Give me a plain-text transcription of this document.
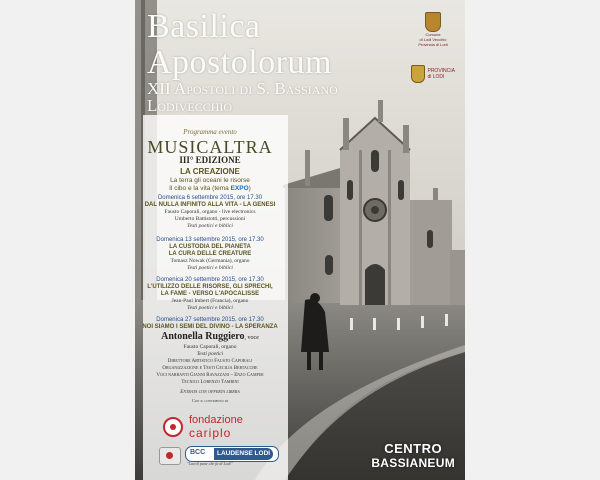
Basilica
Apostolorum
XII Apostoli di S. Bassiano
Lodivecchio
Comune
di Lodi Vecchio
Provincia di Lodi
PROVINCIA
di LODI
Programma evento
MUSICALTRA
III° EDIZIONE
LA CREAZIONE
La terra gli oceani le risorse
Il cibo e la vita (tema EXPO)
Domenica 6 settembre 2015, ore 17.30
DAL NULLA INFINITO ALLA VITA - LA GENESI
Fausto Caporali, organo - live electronics
Umberto Battistotti, percussioni
Testi poetici e biblici
Domenica 13 settembre 2015, ore 17.30
LA CUSTODIA DEL PIANETA
LA CURA DELLE CREATURE
Tomasz Nowak (Germania), organo
Testi poetici e biblici
Domenica 20 settembre 2015, ore 17.30
L'UTILIZZO DELLE RISORSE, GLI SPRECHI,
LA FAME - VERSO L'APOCALISSE
Jean-Paul Imbert (Francia), organo
Testi poetici e biblici
Domenica 27 settembre 2015, ore 17.30
NOI SIAMO I SEMI DEL DIVINO - LA SPERANZA
Antonella Ruggiero, voce
Fausto Caporali, organo
Testi poetici
Direttore Artistico Fausto Caporali
Organizzazione e Testi Cecilia Bertacche
Voci narranti Gianni Ravazzani – Enzo Campisi
Tecnico Lorenzo Tambini
Entrata con offerta libera
Con il contributo di
fondazione
cariplo
BCC	LAUDENSE LODI
"Lavoli pane che fa di Lodi"
CENTRO
BASSIANEUM
